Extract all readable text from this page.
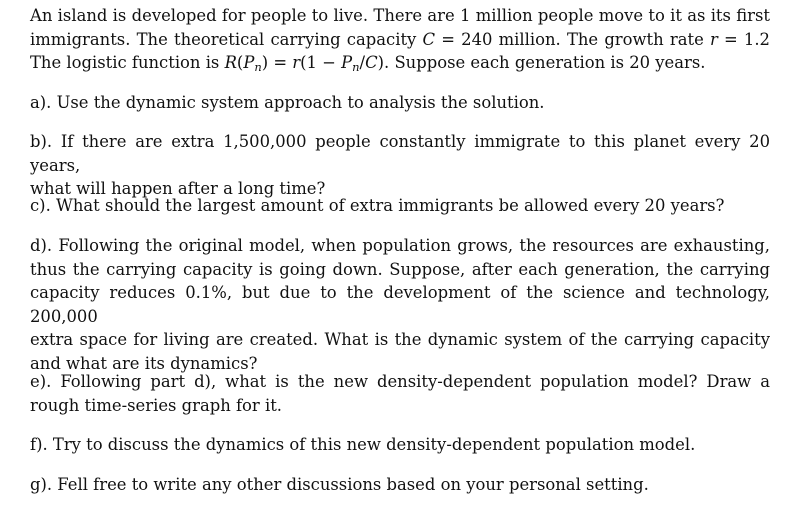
An island is developed for people to live. There are 1 million people move to it as its first
immigrants. The theoretical carrying capacity C = 240 million. The growth rate r = 1.2
The logistic function is $R(P_n) = r(1 - P_n/C)$. Suppose each generation is 20 years.
a). Use the dynamic system approach to analysis the solution.
b). If there are extra 1,500,000 people constantly immigrate to this planet every 20 years,
what will happen after a long time?
c). What should the largest amount of extra immigrants be allowed every 20 years?
d). Following the original model, when population grows, the resources are exhausting,
thus the carrying capacity is going down. Suppose, after each generation, the carrying
capacity reduces 0.1%, but due to the development of the science and technology, 200,000
extra space for living are created. What is the dynamic system of the carrying capacity
and what are its dynamics?
e). Following part d), what is the new density-dependent population model? Draw a
rough time-series graph for it.
f). Try to discuss the dynamics of this new density-dependent population model.
g). Fell free to write any other discussions based on your personal setting.
